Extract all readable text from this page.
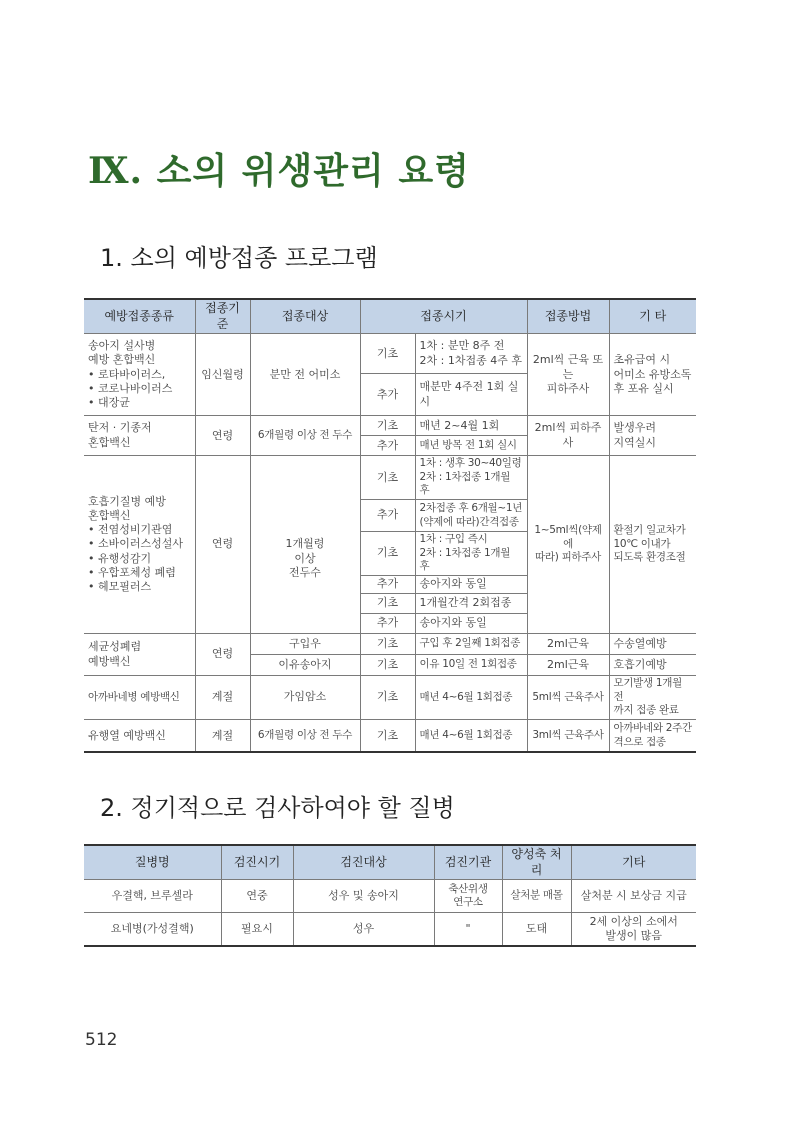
Ⅸ. 소의 위생관리 요령
1. 소의 예방접종 프로그램
예방접종종류	접종기준	접종대상	접종시기	접종방법	기 타
송아지 설사병
예방 혼합백신
• 로타바이러스,
• 코로나바이러스
• 대장균	임신월령	분만 전 어미소	기초	1차 : 분만 8주 전
2차 : 1차접종 4주 후	2ml씩 근육 또는
피하주사	초유급여 시
어미소 유방소독
후 포유 실시
추가	매분만 4주전 1회 실시
탄저 · 기종저
혼합백신	연령	6개월령 이상 전 두수	기초	매년 2~4월 1회	2ml씩 피하주사	발생우려
지역실시
추가	매년 방목 전 1회 실시
호흡기질병 예방
혼합백신
• 전염성비기관염
• 소바이러스성설사
• 유행성감기
• 우합포체성 폐렴
• 헤모필러스	연령	1개월령
이상
전두수
	기초	1차 : 생후 30~40일령
2차 : 1차접종 1개월 후	1~5ml씩(약제에
따라) 피하주사	환절기 일교차가
10℃ 이내가
되도록 환경조절
추가	2차접종 후 6개월~1년
(약제에 따라)간격접종
기초	1차 : 구입 즉시
2차 : 1차접종 1개월 후
추가	송아지와 동일
기초	1개월간격 2회접종
추가	송아지와 동일
세균성폐렴
예방백신	연령	구입우	기초	구입 후 2일째 1회접종	2ml근육	수송열예방
이유송아지	기초	이유 10일 전 1회접종	2ml근육	호흡기예방
아까바네병 예방백신	계절	가임암소	기초	매년 4~6월 1회접종	5ml씩 근육주사	모기발생 1개월 전
까지 접종 완료
유행열 예방백신	계절	6개월령 이상 전 두수	기초	매년 4~6월 1회접종	3ml씩 근육주사	아까바네와 2주간
격으로 접종
2. 정기적으로 검사하여야 할 질병
질병명	검진시기	검진대상	검진기관	양성축 처리	기타
우결핵, 브루셀라	연중	성우 및 송아지	축산위생
연구소	살처분 매몰	살처분 시 보상금 지급
요네병(가성결핵)	필요시	성우	"	도태	2세 이상의 소에서
발생이 많음
512
